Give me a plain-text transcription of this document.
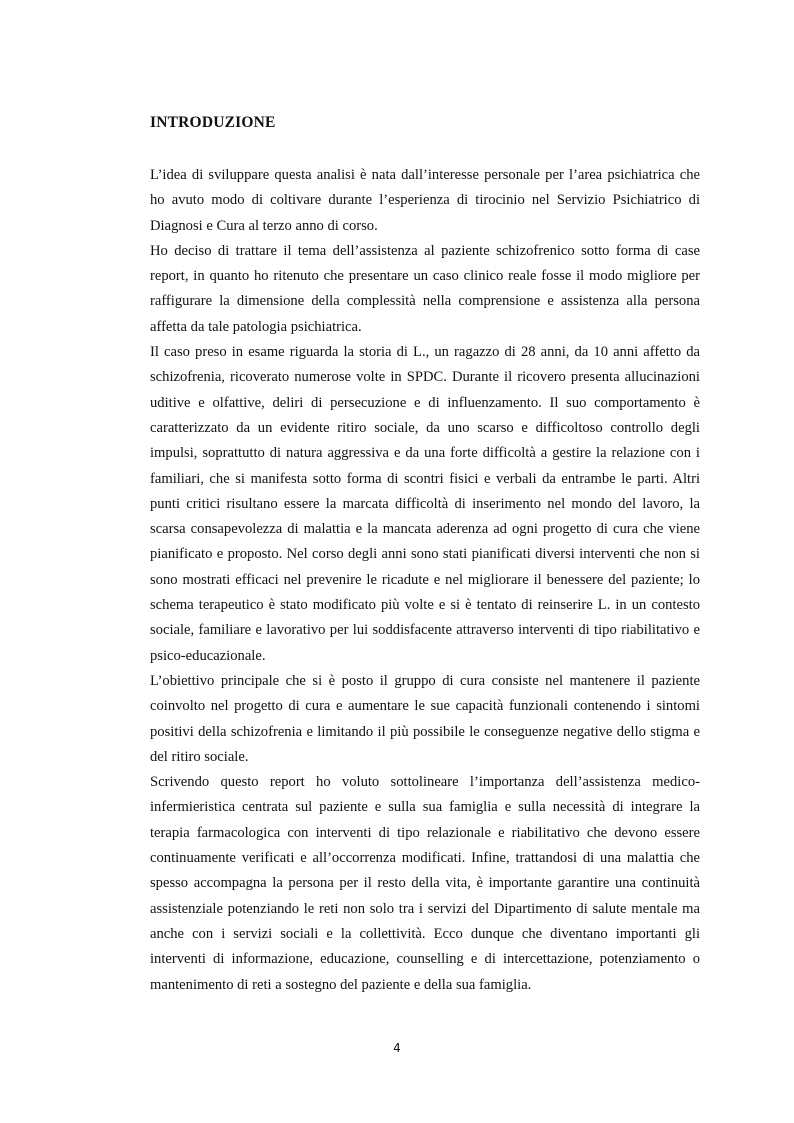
INTRODUZIONE

L’idea di sviluppare questa analisi è nata dall’interesse personale per l’area psichiatrica che ho avuto modo di coltivare durante l’esperienza di tirocinio nel Servizio Psichiatrico di Diagnosi e Cura al terzo anno di corso.

Ho deciso di trattare il tema dell’assistenza al paziente schizofrenico sotto forma di case report, in quanto ho ritenuto che presentare un caso clinico reale fosse il modo migliore per raffigurare la dimensione della complessità nella comprensione e assistenza alla persona affetta da tale patologia psichiatrica.

Il caso preso in esame riguarda la storia di L., un ragazzo di 28 anni, da 10 anni affetto da schizofrenia, ricoverato numerose volte in SPDC. Durante il ricovero presenta allucinazioni uditive e olfattive, deliri di persecuzione e di influenzamento. Il suo comportamento è caratterizzato da un evidente ritiro sociale, da uno scarso e difficoltoso controllo degli impulsi, soprattutto di natura aggressiva e da una forte difficoltà a gestire la relazione con i familiari, che si manifesta sotto forma di scontri fisici e verbali da entrambe le parti. Altri punti critici risultano essere la marcata difficoltà di inserimento nel mondo del lavoro, la scarsa consapevolezza di malattia e la mancata aderenza ad ogni progetto di cura che viene pianificato e proposto. Nel corso degli anni sono stati pianificati diversi interventi che non si sono mostrati efficaci nel prevenire le ricadute e nel migliorare il benessere del paziente; lo schema terapeutico è stato modificato più volte e si è tentato di reinserire L. in un contesto sociale, familiare e lavorativo per lui soddisfacente attraverso interventi di tipo riabilitativo e psico-educazionale.

L’obiettivo principale che si è posto il gruppo di cura consiste nel mantenere il paziente coinvolto nel progetto di cura e aumentare le sue capacità funzionali contenendo i sintomi positivi della schizofrenia e limitando il più possibile le conseguenze negative dello stigma e del ritiro sociale.

Scrivendo questo report ho voluto sottolineare l’importanza dell’assistenza medico-infermieristica centrata sul paziente e sulla sua famiglia e sulla necessità di integrare la terapia farmacologica con interventi di tipo relazionale e riabilitativo che devono essere continuamente verificati e all’occorrenza modificati. Infine, trattandosi di una malattia che spesso accompagna la persona per il resto della vita, è importante garantire una continuità assistenziale potenziando le reti non solo tra i servizi del Dipartimento di salute mentale ma anche con i servizi sociali e la collettività. Ecco dunque che diventano importanti gli interventi di informazione, educazione, counselling e di intercettazione, potenziamento o mantenimento di reti a sostegno del paziente e della sua famiglia.

4
